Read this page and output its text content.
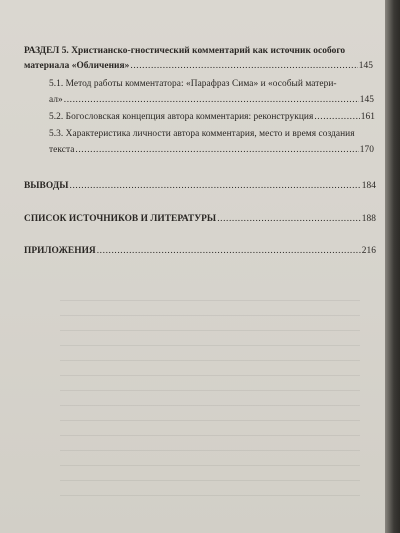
РАЗДЕЛ 5. Христианско-гностический комментарий как источник особого
материала «Обличения» .....	145
5.1. Метод работы комментатора: «Парафраз Сима» и «особый матери-
ал» .....	145
5.2. Богословская концепция автора комментария: реконструкция .....	161
5.3. Характеристика личности автора комментария, место и время создания
текста .....	170
ВЫВОДЫ .....	184
СПИСОК ИСТОЧНИКОВ И ЛИТЕРАТУРЫ .....	188
ПРИЛОЖЕНИЯ .....	216
